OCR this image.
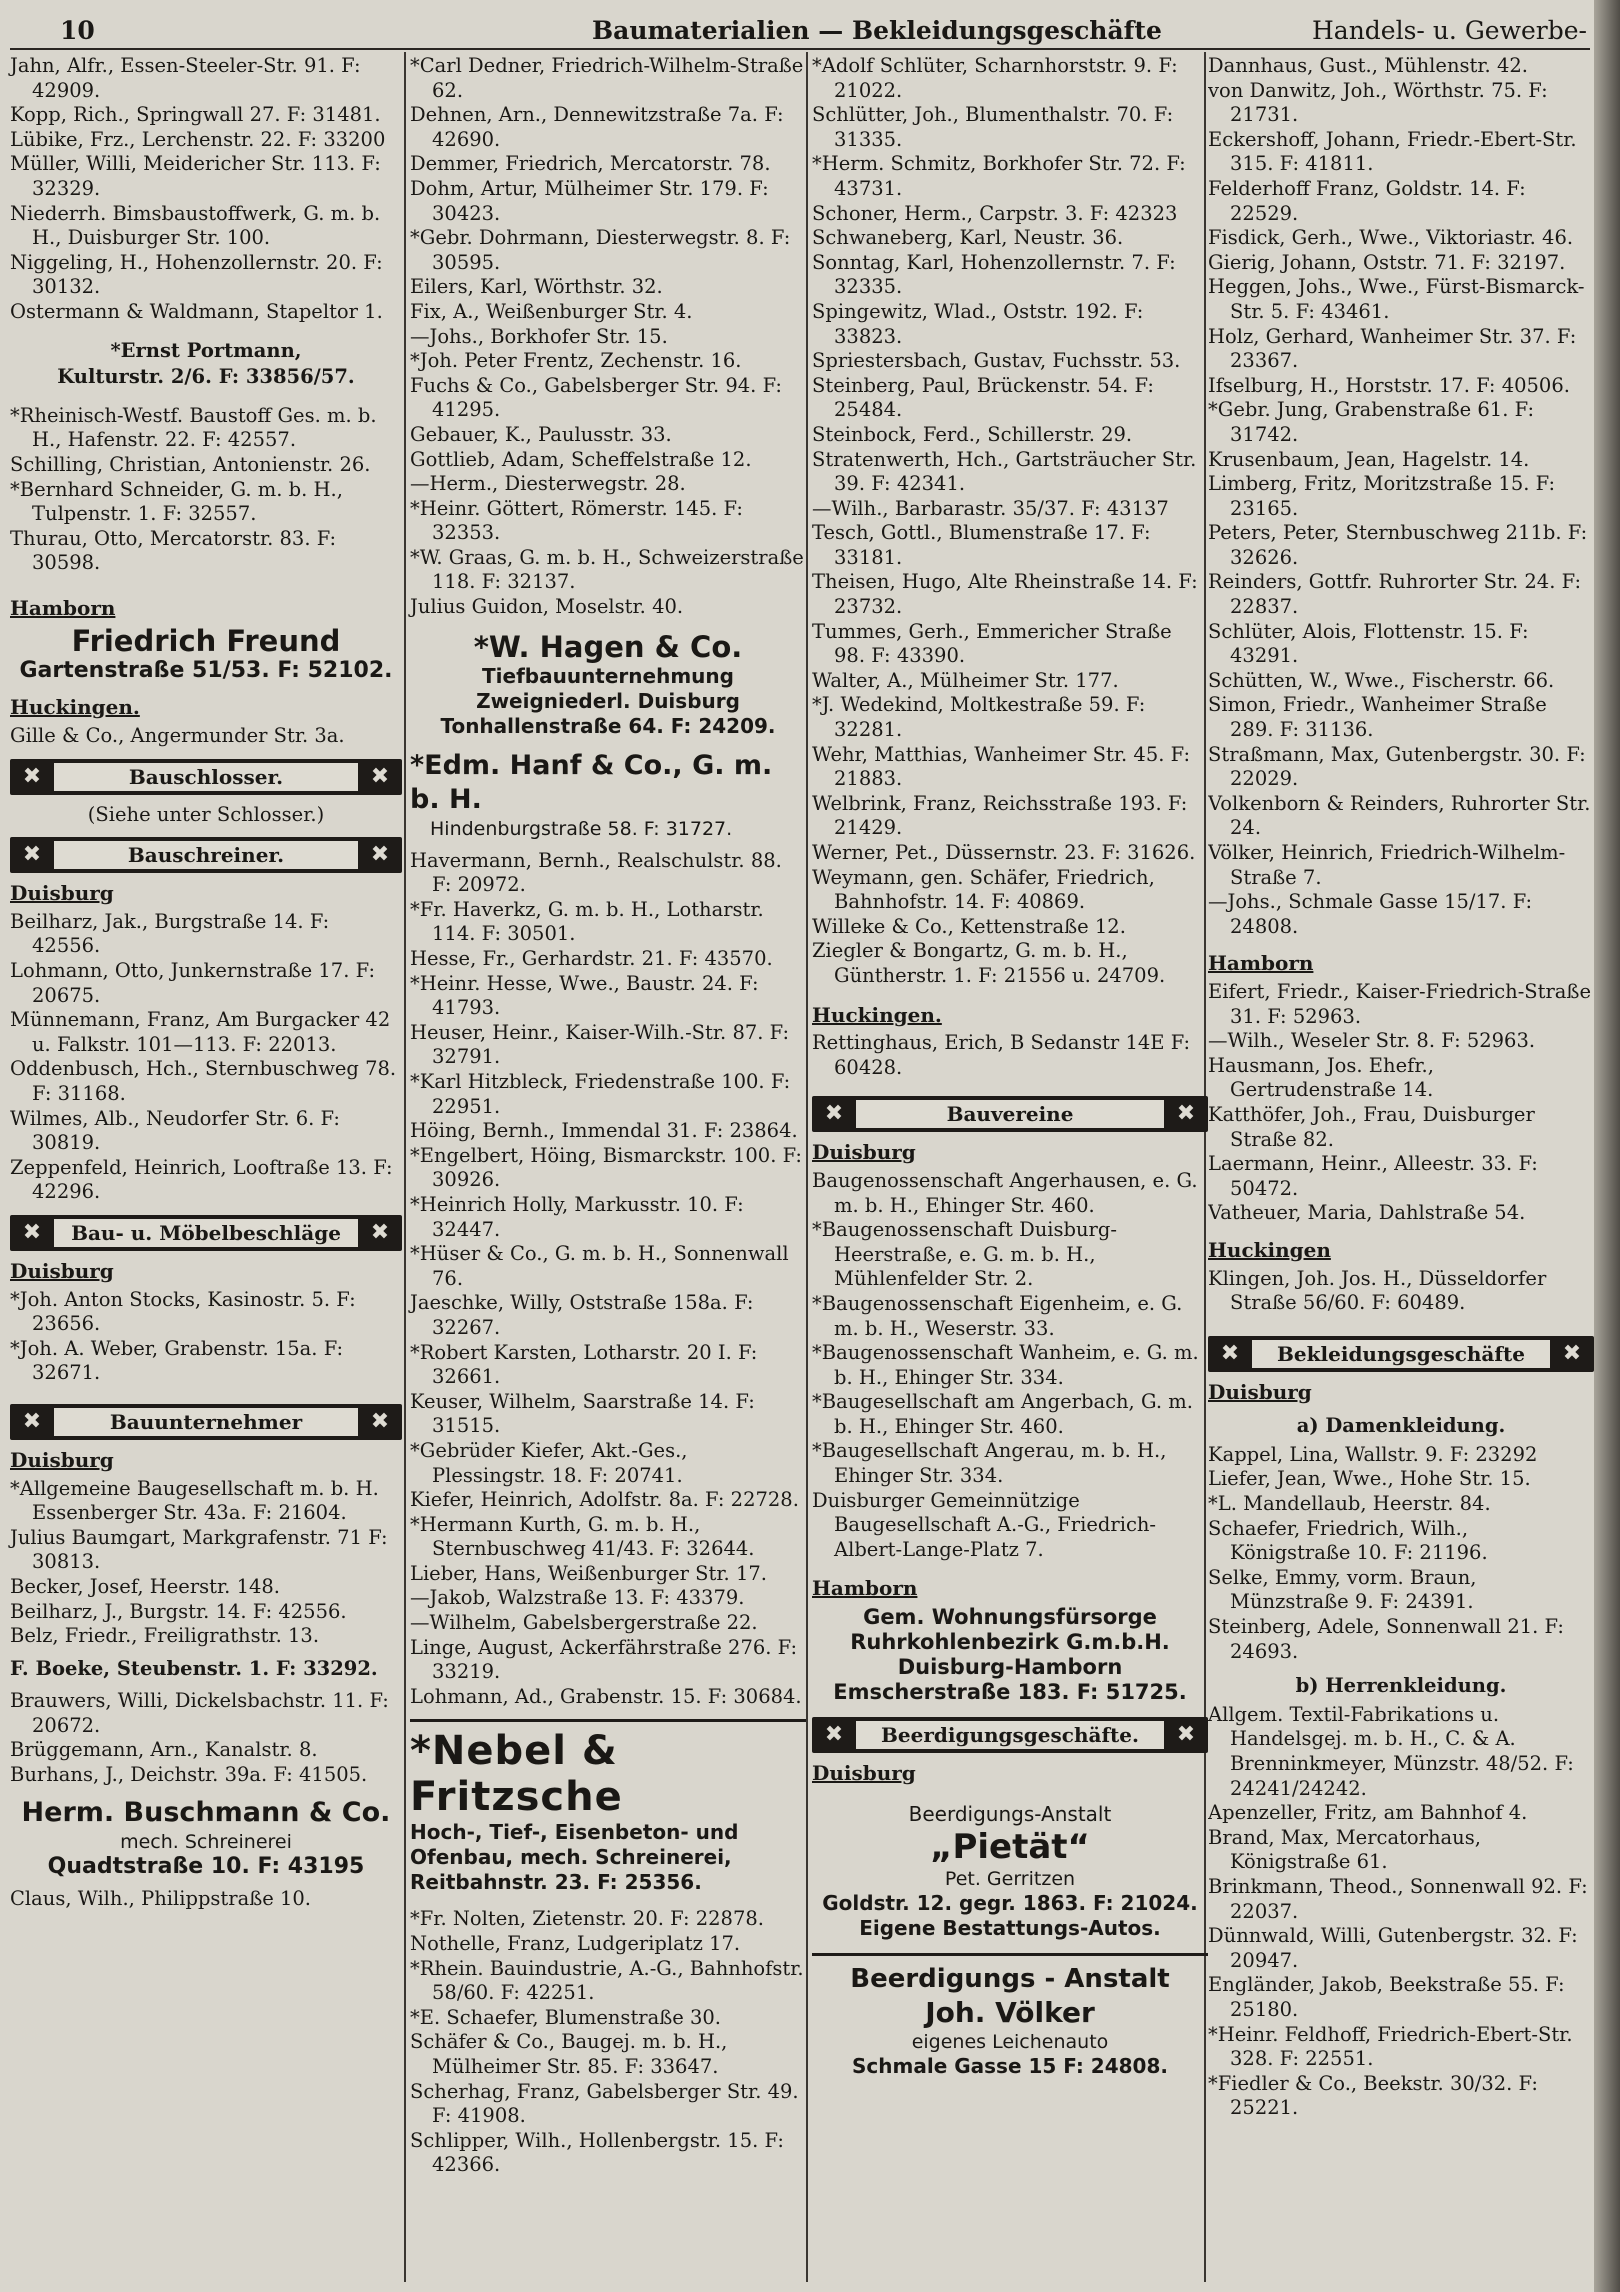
10	Baumaterialien — Bekleidungsgeschäfte	Handels- u. Gewerbe-

Jahn, Alfr., Essen-Steeler-Str. 91. F: 42909.

Kopp, Rich., Springwall 27. F: 31481.

Lübike, Frz., Lerchenstr. 22. F: 33200

Müller, Willi, Meidericher Str. 113. F: 32329.

Niederrh. Bimsbaustoffwerk, G. m. b. H., Duisburger Str. 100.

Niggeling, H., Hohenzollernstr. 20. F: 30132.

Ostermann & Waldmann, Stapeltor 1.

*Ernst Portmann,
Kulturstr. 2/6. F: 33856/57.

*Rheinisch-Westf. Baustoff Ges. m. b. H., Hafenstr. 22. F: 42557.

Schilling, Christian, Antonienstr. 26.

*Bernhard Schneider, G. m. b. H., Tulpenstr. 1. F: 32557.

Thurau, Otto, Mercatorstr. 83. F: 30598.

Hamborn
Friedrich Freund
Gartenstraße 51/53. F: 52102.
Huckingen.
Gille & Co., Angermunder Str. 3a.
✖	Bauschlosser.	✖
(Siehe unter Schlosser.)
✖	Bauschreiner.	✖
Duisburg

Beilharz, Jak., Burgstraße 14. F: 42556.

Lohmann, Otto, Junkernstraße 17. F: 20675.

Münnemann, Franz, Am Burgacker 42 u. Falkstr. 101—113. F: 22013.

Oddenbusch, Hch., Sternbuschweg 78. F: 31168.

Wilmes, Alb., Neudorfer Str. 6. F: 30819.

Zeppenfeld, Heinrich, Looftraße 13. F: 42296.

✖	Bau- u. Möbelbeschläge	✖
Duisburg

*Joh. Anton Stocks, Kasinostr. 5. F: 23656.

*Joh. A. Weber, Grabenstr. 15a. F: 32671.

✖	Bauunternehmer	✖
Duisburg

*Allgemeine Baugesellschaft m. b. H. Essenberger Str. 43a. F: 21604.

Julius Baumgart, Markgrafenstr. 71 F: 30813.

Becker, Josef, Heerstr. 148.

Beilharz, J., Burgstr. 14. F: 42556.

Belz, Friedr., Freiligrathstr. 13.

F. Boeke, Steubenstr. 1. F: 33292.

Brauwers, Willi, Dickelsbachstr. 11. F: 20672.

Brüggemann, Arn., Kanalstr. 8.

Burhans, J., Deichstr. 39a. F: 41505.

Herm. Buschmann & Co.
mech. Schreinerei
Quadtstraße 10. F: 43195
Claus, Wilh., Philippstraße 10.

*Carl Dedner, Friedrich-Wilhelm-Straße 62.

Dehnen, Arn., Dennewitzstraße 7a. F: 42690.

Demmer, Friedrich, Mercatorstr. 78.

Dohm, Artur, Mülheimer Str. 179. F: 30423.

*Gebr. Dohrmann, Diesterwegstr. 8. F: 30595.

Eilers, Karl, Wörthstr. 32.

Fix, A., Weißenburger Str. 4.

—Johs., Borkhofer Str. 15.

*Joh. Peter Frentz, Zechenstr. 16.

Fuchs & Co., Gabelsberger Str. 94. F: 41295.

Gebauer, K., Paulusstr. 33.

Gottlieb, Adam, Scheffelstraße 12.

—Herm., Diesterwegstr. 28.

*Heinr. Göttert, Römerstr. 145. F: 32353.

*W. Graas, G. m. b. H., Schweizerstraße 118. F: 32137.

Julius Guidon, Moselstr. 40.

*W. Hagen & Co.
Tiefbauunternehmung
Zweigniederl. Duisburg
Tonhallenstraße 64. F: 24209.
*Edm. Hanf & Co., G. m. b. H.
Hindenburgstraße 58. F: 31727.

Havermann, Bernh., Realschulstr. 88. F: 20972.

*Fr. Haverkz, G. m. b. H., Lotharstr. 114. F: 30501.

Hesse, Fr., Gerhardstr. 21. F: 43570.

*Heinr. Hesse, Wwe., Baustr. 24. F: 41793.

Heuser, Heinr., Kaiser-Wilh.-Str. 87. F: 32791.

*Karl Hitzbleck, Friedenstraße 100. F: 22951.

Höing, Bernh., Immendal 31. F: 23864.

*Engelbert, Höing, Bismarckstr. 100. F: 30926.

*Heinrich Holly, Markusstr. 10. F: 32447.

*Hüser & Co., G. m. b. H., Sonnenwall 76.

Jaeschke, Willy, Oststraße 158a. F: 32267.

*Robert Karsten, Lotharstr. 20 I. F: 32661.

Keuser, Wilhelm, Saarstraße 14. F: 31515.

*Gebrüder Kiefer, Akt.-Ges., Plessingstr. 18. F: 20741.

Kiefer, Heinrich, Adolfstr. 8a. F: 22728.

*Hermann Kurth, G. m. b. H., Sternbuschweg 41/43. F: 32644.

Lieber, Hans, Weißenburger Str. 17.

—Jakob, Walzstraße 13. F: 43379.

—Wilhelm, Gabelsbergerstraße 22.

Linge, August, Ackerfährstraße 276. F: 33219.

Lohmann, Ad., Grabenstr. 15. F: 30684.

*Nebel & Fritzsche
Hoch-, Tief-, Eisenbeton- und
Ofenbau, mech. Schreinerei,
Reitbahnstr. 23. F: 25356.

*Fr. Nolten, Zietenstr. 20. F: 22878.

Nothelle, Franz, Ludgeriplatz 17.

*Rhein. Bauindustrie, A.-G., Bahnhofstr. 58/60. F: 42251.

*E. Schaefer, Blumenstraße 30.

Schäfer & Co., Baugej. m. b. H., Mülheimer Str. 85. F: 33647.

Scherhag, Franz, Gabelsberger Str. 49. F: 41908.

Schlipper, Wilh., Hollenbergstr. 15. F: 42366.

*Adolf Schlüter, Scharnhorststr. 9. F: 21022.

Schlütter, Joh., Blumenthalstr. 70. F: 31335.

*Herm. Schmitz, Borkhofer Str. 72. F: 43731.

Schoner, Herm., Carpstr. 3. F: 42323

Schwaneberg, Karl, Neustr. 36.

Sonntag, Karl, Hohenzollernstr. 7. F: 32335.

Spingewitz, Wlad., Oststr. 192. F: 33823.

Spriestersbach, Gustav, Fuchsstr. 53.

Steinberg, Paul, Brückenstr. 54. F: 25484.

Steinbock, Ferd., Schillerstr. 29.

Stratenwerth, Hch., Gartsträucher Str. 39. F: 42341.

—Wilh., Barbarastr. 35/37. F: 43137

Tesch, Gottl., Blumenstraße 17. F: 33181.

Theisen, Hugo, Alte Rheinstraße 14. F: 23732.

Tummes, Gerh., Emmericher Straße 98. F: 43390.

Walter, A., Mülheimer Str. 177.

*J. Wedekind, Moltkestraße 59. F: 32281.

Wehr, Matthias, Wanheimer Str. 45. F: 21883.

Welbrink, Franz, Reichsstraße 193. F: 21429.

Werner, Pet., Düssernstr. 23. F: 31626.

Weymann, gen. Schäfer, Friedrich, Bahnhofstr. 14. F: 40869.

Willeke & Co., Kettenstraße 12.

Ziegler & Bongartz, G. m. b. H., Güntherstr. 1. F: 21556 u. 24709.

Huckingen.
Rettinghaus, Erich, B Sedanstr 14E F: 60428.
✖	Bauvereine	✖
Duisburg

Baugenossenschaft Angerhausen, e. G. m. b. H., Ehinger Str. 460.

*Baugenossenschaft Duisburg-Heerstraße, e. G. m. b. H., Mühlenfelder Str. 2.

*Baugenossenschaft Eigenheim, e. G. m. b. H., Weserstr. 33.

*Baugenossenschaft Wanheim, e. G. m. b. H., Ehinger Str. 334.

*Baugesellschaft am Angerbach, G. m. b. H., Ehinger Str. 460.

*Baugesellschaft Angerau, m. b. H., Ehinger Str. 334.

Duisburger Gemeinnützige Baugesellschaft A.-G., Friedrich-Albert-Lange-Platz 7.

Hamborn
Gem. Wohnungsfürsorge
Ruhrkohlenbezirk G.m.b.H.
Duisburg-Hamborn
Emscherstraße 183. F: 51725.
✖	Beerdigungsgeschäfte.	✖
Duisburg
Beerdigungs-Anstalt
„Pietät“
Pet. Gerritzen
Goldstr. 12. gegr. 1863. F: 21024.
Eigene Bestattungs-Autos.
Beerdigungs - Anstalt
Joh. Völker
eigenes Leichenauto
Schmale Gasse 15 F: 24808.

Dannhaus, Gust., Mühlenstr. 42.

von Danwitz, Joh., Wörthstr. 75. F: 21731.

Eckershoff, Johann, Friedr.-Ebert-Str. 315. F: 41811.

Felderhoff Franz, Goldstr. 14. F: 22529.

Fisdick, Gerh., Wwe., Viktoriastr. 46.

Gierig, Johann, Oststr. 71. F: 32197.

Heggen, Johs., Wwe., Fürst-Bismarck-Str. 5. F: 43461.

Holz, Gerhard, Wanheimer Str. 37. F: 23367.

Ifselburg, H., Horststr. 17. F: 40506.

*Gebr. Jung, Grabenstraße 61. F: 31742.

Krusenbaum, Jean, Hagelstr. 14.

Limberg, Fritz, Moritzstraße 15. F: 23165.

Peters, Peter, Sternbuschweg 211b. F: 32626.

Reinders, Gottfr. Ruhrorter Str. 24. F: 22837.

Schlüter, Alois, Flottenstr. 15. F: 43291.

Schütten, W., Wwe., Fischerstr. 66.

Simon, Friedr., Wanheimer Straße 289. F: 31136.

Straßmann, Max, Gutenbergstr. 30. F: 22029.

Volkenborn & Reinders, Ruhrorter Str. 24.

Völker, Heinrich, Friedrich-Wilhelm-Straße 7.

—Johs., Schmale Gasse 15/17. F: 24808.

Hamborn

Eifert, Friedr., Kaiser-Friedrich-Straße 31. F: 52963.

—Wilh., Weseler Str. 8. F: 52963.

Hausmann, Jos. Ehefr., Gertrudenstraße 14.

Katthöfer, Joh., Frau, Duisburger Straße 82.

Laermann, Heinr., Alleestr. 33. F: 50472.

Vatheuer, Maria, Dahlstraße 54.

Huckingen
Klingen, Joh. Jos. H., Düsseldorfer Straße 56/60. F: 60489.
✖	Bekleidungsgeschäfte	✖
Duisburg
a) Damenkleidung.

Kappel, Lina, Wallstr. 9. F: 23292

Liefer, Jean, Wwe., Hohe Str. 15.

*L. Mandellaub, Heerstr. 84.

Schaefer, Friedrich, Wilh., Königstraße 10. F: 21196.

Selke, Emmy, vorm. Braun, Münzstraße 9. F: 24391.

Steinberg, Adele, Sonnenwall 21. F: 24693.

b) Herrenkleidung.

Allgem. Textil-Fabrikations u. Handelsgej. m. b. H., C. & A. Brenninkmeyer, Münzstr. 48/52. F: 24241/24242.

Apenzeller, Fritz, am Bahnhof 4.

Brand, Max, Mercatorhaus, Königstraße 61.

Brinkmann, Theod., Sonnenwall 92. F: 22037.

Dünnwald, Willi, Gutenbergstr. 32. F: 20947.

Engländer, Jakob, Beekstraße 55. F: 25180.

*Heinr. Feldhoff, Friedrich-Ebert-Str. 328. F: 22551.

*Fiedler & Co., Beekstr. 30/32. F: 25221.
